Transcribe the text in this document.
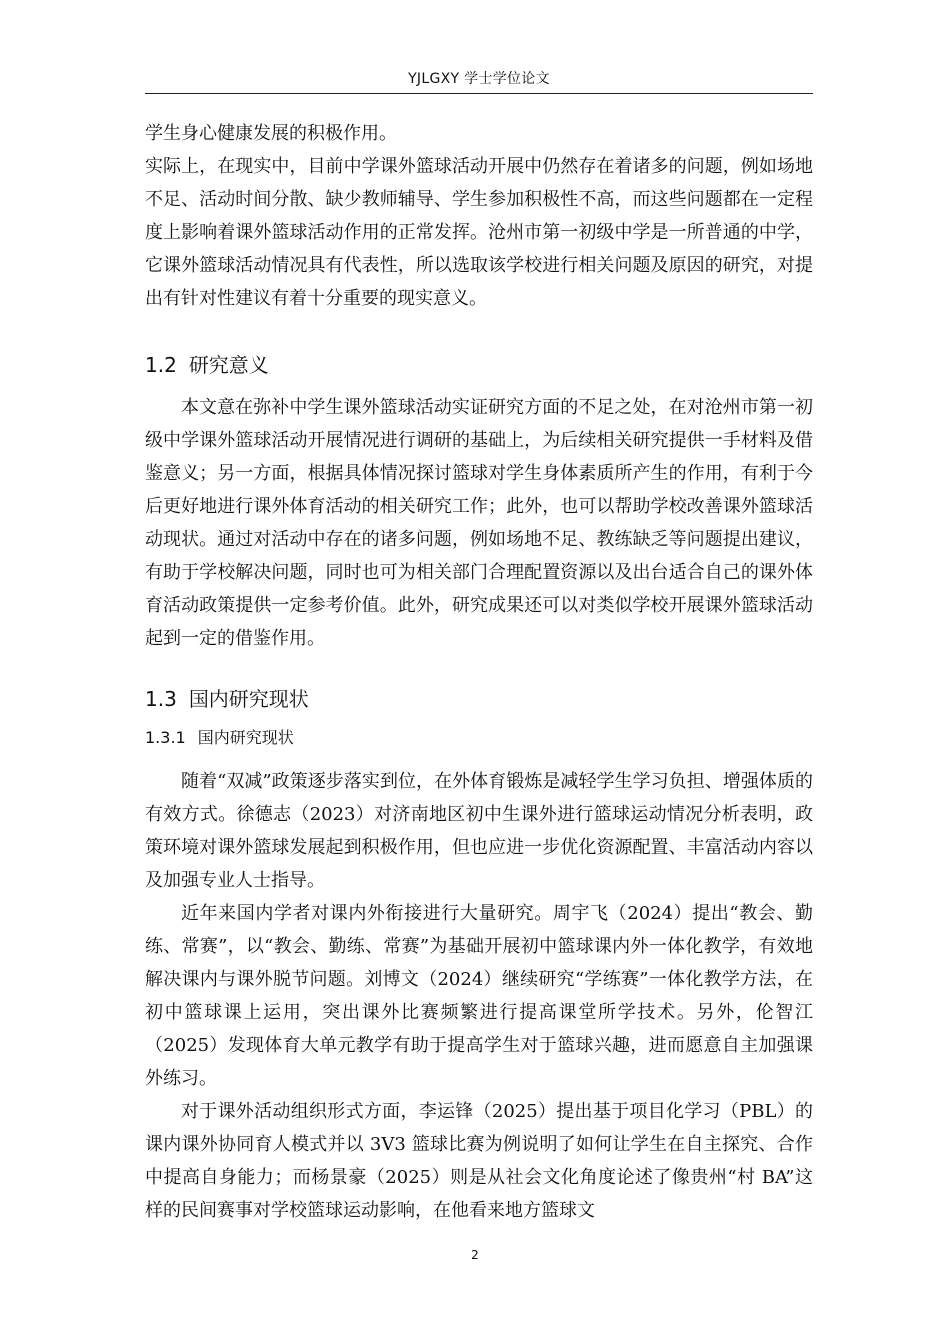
YJLGXY 学士学位论文

学生身心健康发展的积极作用。

实际上，在现实中，目前中学课外篮球活动开展中仍然存在着诸多的问题，例如场地不足、活动时间分散、缺少教师辅导、学生参加积极性不高，而这些问题都在一定程度上影响着课外篮球活动作用的正常发挥。沧州市第一初级中学是一所普通的中学，它课外篮球活动情况具有代表性，所以选取该学校进行相关问题及原因的研究，对提出有针对性建议有着十分重要的现实意义。

1.2 研究意义

本文意在弥补中学生课外篮球活动实证研究方面的不足之处，在对沧州市第一初级中学课外篮球活动开展情况进行调研的基础上，为后续相关研究提供一手材料及借鉴意义；另一方面，根据具体情况探讨篮球对学生身体素质所产生的作用，有利于今后更好地进行课外体育活动的相关研究工作；此外，也可以帮助学校改善课外篮球活动现状。通过对活动中存在的诸多问题，例如场地不足、教练缺乏等问题提出建议，有助于学校解决问题，同时也可为相关部门合理配置资源以及出台适合自己的课外体育活动政策提供一定参考价值。此外，研究成果还可以对类似学校开展课外篮球活动起到一定的借鉴作用。

1.3 国内研究现状
1.3.1 国内研究现状

随着“双减”政策逐步落实到位，在外体育锻炼是减轻学生学习负担、增强体质的有效方式。徐德志（2023）对济南地区初中生课外进行篮球运动情况分析表明，政策环境对课外篮球发展起到积极作用，但也应进一步优化资源配置、丰富活动内容以及加强专业人士指导。

近年来国内学者对课内外衔接进行大量研究。周宇飞（2024）提出“教会、勤练、常赛”，以“教会、勤练、常赛”为基础开展初中篮球课内外一体化教学，有效地解决课内与课外脱节问题。刘博文（2024）继续研究“学练赛”一体化教学方法，在初中篮球课上运用，突出课外比赛频繁进行提高课堂所学技术。另外，伦智江（2025）发现体育大单元教学有助于提高学生对于篮球兴趣，进而愿意自主加强课外练习。

对于课外活动组织形式方面，李运锋（2025）提出基于项目化学习（PBL）的课内课外协同育人模式并以 3V3 篮球比赛为例说明了如何让学生在自主探究、合作中提高自身能力；而杨景豪（2025）则是从社会文化角度论述了像贵州“村 BA”这样的民间赛事对学校篮球运动影响，在他看来地方篮球文

2
